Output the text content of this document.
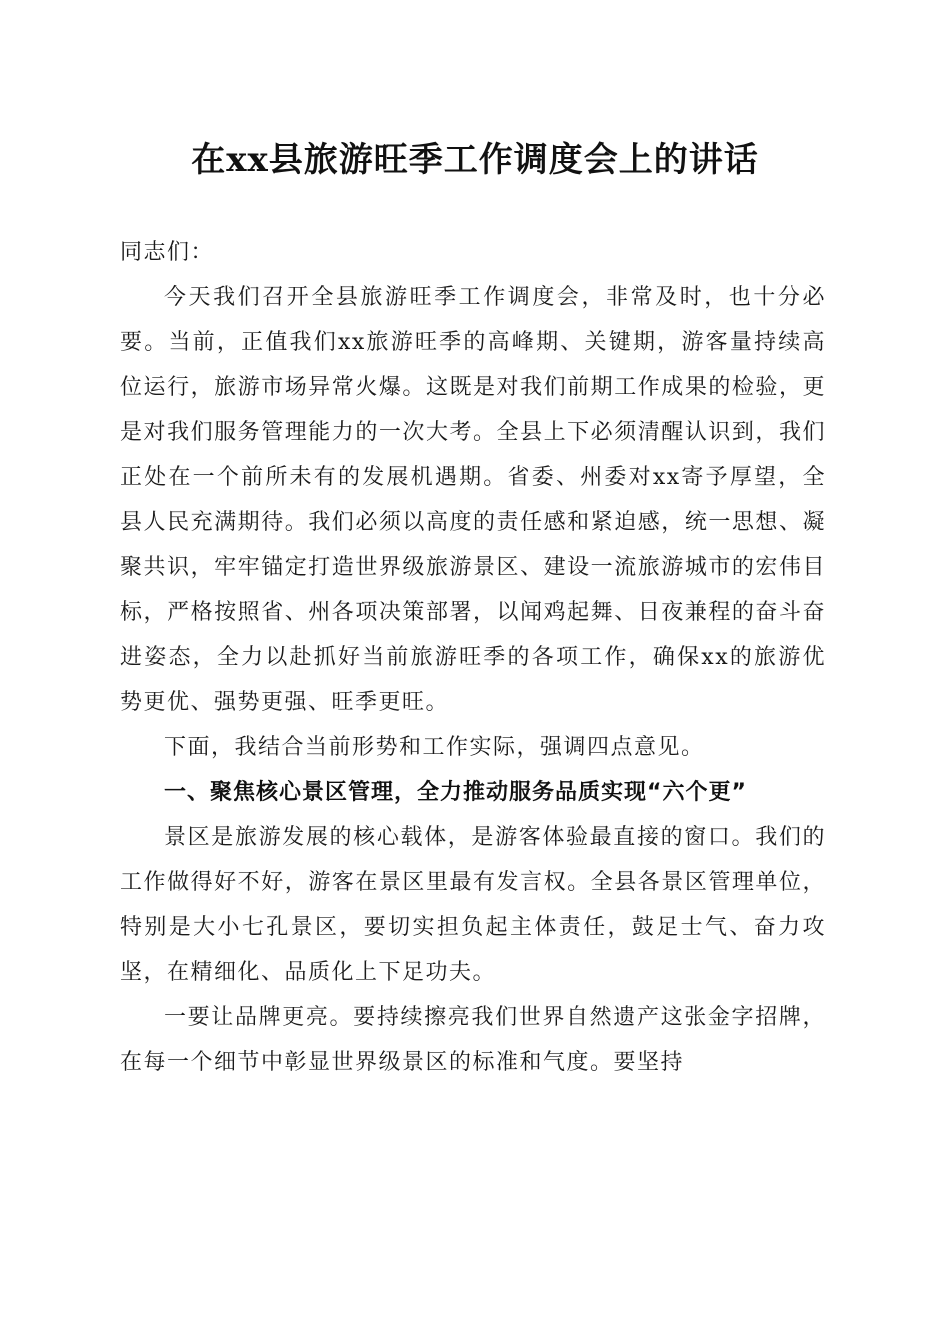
在xx县旅游旺季工作调度会上的讲话

同志们：

今天我们召开全县旅游旺季工作调度会，非常及时，也十分必要。当前，正值我们xx旅游旺季的高峰期、关键期，游客量持续高位运行，旅游市场异常火爆。这既是对我们前期工作成果的检验，更是对我们服务管理能力的一次大考。全县上下必须清醒认识到，我们正处在一个前所未有的发展机遇期。省委、州委对xx寄予厚望，全县人民充满期待。我们必须以高度的责任感和紧迫感，统一思想、凝聚共识，牢牢锚定打造世界级旅游景区、建设一流旅游城市的宏伟目标，严格按照省、州各项决策部署，以闻鸡起舞、日夜兼程的奋斗奋进姿态，全力以赴抓好当前旅游旺季的各项工作，确保xx的旅游优势更优、强势更强、旺季更旺。

下面，我结合当前形势和工作实际，强调四点意见。

一、聚焦核心景区管理，全力推动服务品质实现“六个更”

景区是旅游发展的核心载体，是游客体验最直接的窗口。我们的工作做得好不好，游客在景区里最有发言权。全县各景区管理单位，特别是大小七孔景区，要切实担负起主体责任，鼓足士气、奋力攻坚，在精细化、品质化上下足功夫。

一要让品牌更亮。要持续擦亮我们世界自然遗产这张金字招牌，在每一个细节中彰显世界级景区的标准和气度。要坚持
